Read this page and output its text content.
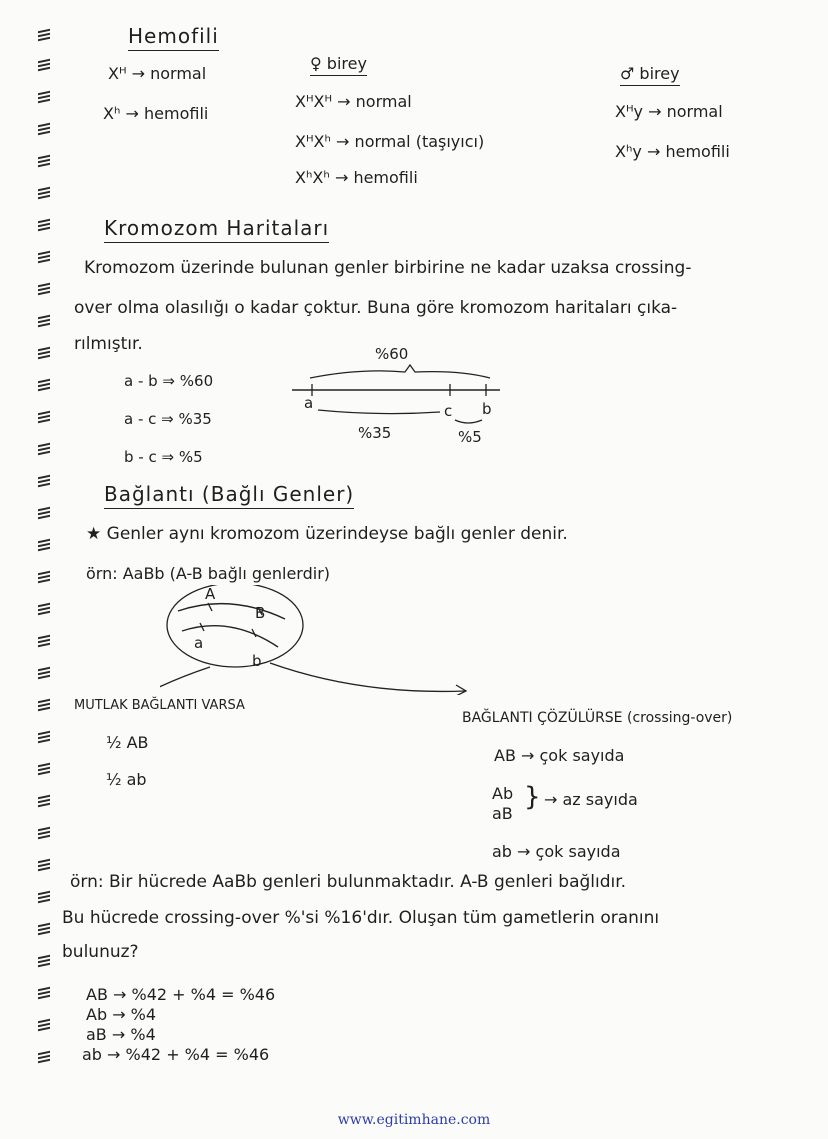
Hemofili
Xᴴ → normal
Xʰ → hemofili
♀ birey
XᴴXᴴ → normal
XᴴXʰ → normal (taşıyıcı)
XʰXʰ → hemofili
♂ birey
Xᴴy → normal
Xʰy → hemofili
Kromozom Haritaları
Kromozom üzerinde bulunan genler birbirine ne kadar uzaksa crossing-
over olma olasılığı o kadar çoktur. Buna göre kromozom haritaları çıka-
rılmıştır.
a - b ⇒ %60
a - c ⇒ %35
b - c ⇒ %5
%60
a	c b
%35	%5
Bağlantı (Bağlı Genler)
★ Genler aynı kromozom üzerindeyse bağlı genler denir.
örn: AaBb (A-B bağlı genlerdir)
A
B
a
b
MUTLAK BAĞLANTI VARSA
½ AB
½ ab
BAĞLANTI ÇÖZÜLÜRSE (crossing-over)
AB → çok sayıda
Ab
aB
} → az sayıda
ab → çok sayıda
örn: Bir hücrede AaBb genleri bulunmaktadır. A-B genleri bağlıdır.
Bu hücrede crossing-over %'si %16'dır. Oluşan tüm gametlerin oranını
bulunuz?
AB → %42 + %4 = %46
Ab → %4
aB → %4
ab → %42 + %4 = %46
www.egitimhane.com
